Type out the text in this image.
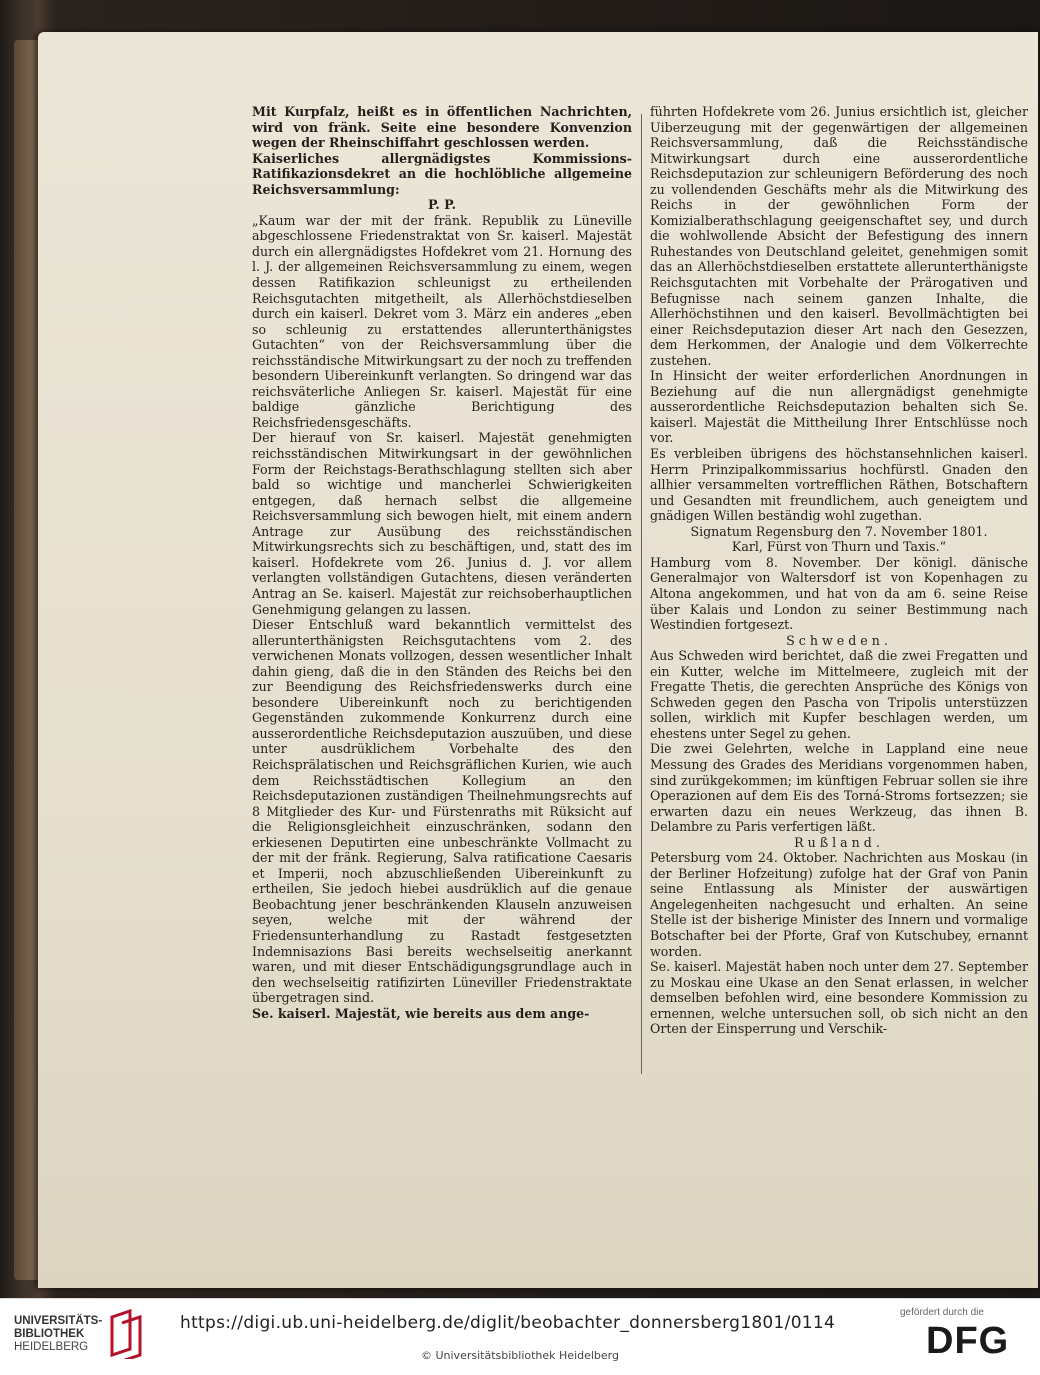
Mit Kurpfalz, heißt es in öffentlichen Nachrichten, wird von fränk. Seite eine besondere Konvenzion wegen der Rheinschiffahrt geschlossen werden.

Kaiserliches allergnädigstes Kommissions-Ratifikazionsdekret an die hochlöbliche allgemeine Reichsversammlung:

P. P.

„Kaum war der mit der fränk. Republik zu Lüneville abgeschlossene Friedenstraktat von Sr. kaiserl. Majestät durch ein allergnädigstes Hofdekret vom 21. Hornung des l. J. der allgemeinen Reichsversammlung zu einem, wegen dessen Ratifikazion schleunigst zu ertheilenden Reichsgutachten mitgetheilt, als Allerhöchstdieselben durch ein kaiserl. Dekret vom 3. März ein anderes „eben so schleunig zu erstattendes allerunterthänigstes Gutachten“ von der Reichsversammlung über die reichsständische Mitwirkungsart zu der noch zu treffenden besondern Uibereinkunft verlangten. So dringend war das reichsväterliche Anliegen Sr. kaiserl. Majestät für eine baldige gänzliche Berichtigung des Reichsfriedensgeschäfts.

Der hierauf von Sr. kaiserl. Majestät genehmigten reichsständischen Mitwirkungsart in der gewöhnlichen Form der Reichstags-Berathschlagung stellten sich aber bald so wichtige und mancherlei Schwierigkeiten entgegen, daß hernach selbst die allgemeine Reichsversammlung sich bewogen hielt, mit einem andern Antrage zur Ausübung des reichsständischen Mitwirkungsrechts sich zu beschäftigen, und, statt des im kaiserl. Hofdekrete vom 26. Junius d. J. vor allem verlangten vollständigen Gutachtens, diesen veränderten Antrag an Se. kaiserl. Majestät zur reichsoberhauptlichen Genehmigung gelangen zu lassen.

Dieser Entschluß ward bekanntlich vermittelst des allerunterthänigsten Reichsgutachtens vom 2. des verwichenen Monats vollzogen, dessen wesentlicher Inhalt dahin gieng, daß die in den Ständen des Reichs bei den zur Beendigung des Reichsfriedenswerks durch eine besondere Uibereinkunft noch zu berichtigenden Gegenständen zukommende Konkurrenz durch eine ausserordentliche Reichsdeputazion auszuüben, und diese unter ausdrüklichem Vorbehalte des den Reichsprälatischen und Reichsgräflichen Kurien, wie auch dem Reichsstädtischen Kollegium an den Reichsdeputazionen zuständigen Theilnehmungsrechts auf 8 Mitglieder des Kur- und Fürstenraths mit Rüksicht auf die Religionsgleichheit einzuschränken, sodann den erkiesenen Deputirten eine unbeschränkte Vollmacht zu der mit der fränk. Regierung, Salva ratificatione Caesaris et Imperii, noch abzuschließenden Uibereinkunft zu ertheilen, Sie jedoch hiebei ausdrüklich auf die genaue Beobachtung jener beschränkenden Klauseln anzuweisen seyen, welche mit der während der Friedensunterhandlung zu Rastadt festgesetzten Indemnisazions Basi bereits wechselseitig anerkannt waren, und mit dieser Entschädigungsgrundlage auch in den wechselseitig ratifizirten Lüneviller Friedenstraktate übergetragen sind.

Se. kaiserl. Majestät, wie bereits aus dem ange-

führten Hofdekrete vom 26. Junius ersichtlich ist, gleicher Uiberzeugung mit der gegenwärtigen der allgemeinen Reichsversammlung, daß die Reichsständische Mitwirkungsart durch eine ausserordentliche Reichsdeputazion zur schleunigern Beförderung des noch zu vollendenden Geschäfts mehr als die Mitwirkung des Reichs in der gewöhnlichen Form der Komizialberathschlagung geeigenschaftet sey, und durch die wohlwollende Absicht der Befestigung des innern Ruhestandes von Deutschland geleitet, genehmigen somit das an Allerhöchstdieselben erstattete allerunterthänigste Reichsgutachten mit Vorbehalte der Prärogativen und Befugnisse nach seinem ganzen Inhalte, die Allerhöchstihnen und den kaiserl. Bevollmächtigten bei einer Reichsdeputazion dieser Art nach den Gesezzen, dem Herkommen, der Analogie und dem Völkerrechte zustehen.

In Hinsicht der weiter erforderlichen Anordnungen in Beziehung auf die nun allergnädigst genehmigte ausserordentliche Reichsdeputazion behalten sich Se. kaiserl. Majestät die Mittheilung Ihrer Entschlüsse noch vor.

Es verbleiben übrigens des höchstansehnlichen kaiserl. Herrn Prinzipalkommissarius hochfürstl. Gnaden den allhier versammelten vortrefflichen Räthen, Botschaftern und Gesandten mit freundlichem, auch geneigtem und gnädigen Willen beständig wohl zugethan.

Signatum Regensburg den 7. November 1801.

Karl, Fürst von Thurn und Taxis.“

Hamburg vom 8. November. Der königl. dänische Generalmajor von Waltersdorf ist von Kopenhagen zu Altona angekommen, und hat von da am 6. seine Reise über Kalais und London zu seiner Bestimmung nach Westindien fortgesezt.

Schweden.

Aus Schweden wird berichtet, daß die zwei Fregatten und ein Kutter, welche im Mittelmeere, zugleich mit der Fregatte Thetis, die gerechten Ansprüche des Königs von Schweden gegen den Pascha von Tripolis unterstüzzen sollen, wirklich mit Kupfer beschlagen werden, um ehestens unter Segel zu gehen.

Die zwei Gelehrten, welche in Lappland eine neue Messung des Grades des Meridians vorgenommen haben, sind zurükgekommen; im künftigen Februar sollen sie ihre Operazionen auf dem Eis des Torná-Stroms fortsezzen; sie erwarten dazu ein neues Werkzeug, das ihnen B. Delambre zu Paris verfertigen läßt.

Rußland.

Petersburg vom 24. Oktober. Nachrichten aus Moskau (in der Berliner Hofzeitung) zufolge hat der Graf von Panin seine Entlassung als Minister der auswärtigen Angelegenheiten nachgesucht und erhalten. An seine Stelle ist der bisherige Minister des Innern und vormalige Botschafter bei der Pforte, Graf von Kutschubey, ernannt worden.

Se. kaiserl. Majestät haben noch unter dem 27. September zu Moskau eine Ukase an den Senat erlassen, in welcher demselben befohlen wird, eine besondere Kommission zu ernennen, welche untersuchen soll, ob sich nicht an den Orten der Einsperrung und Verschik-

UNIVERSITÄTS-
BIBLIOTHEK
HEIDELBERG
https://digi.ub.uni-heidelberg.de/diglit/beobachter_donnersberg1801/0114
© Universitätsbibliothek Heidelberg
gefördert durch die
DFG
